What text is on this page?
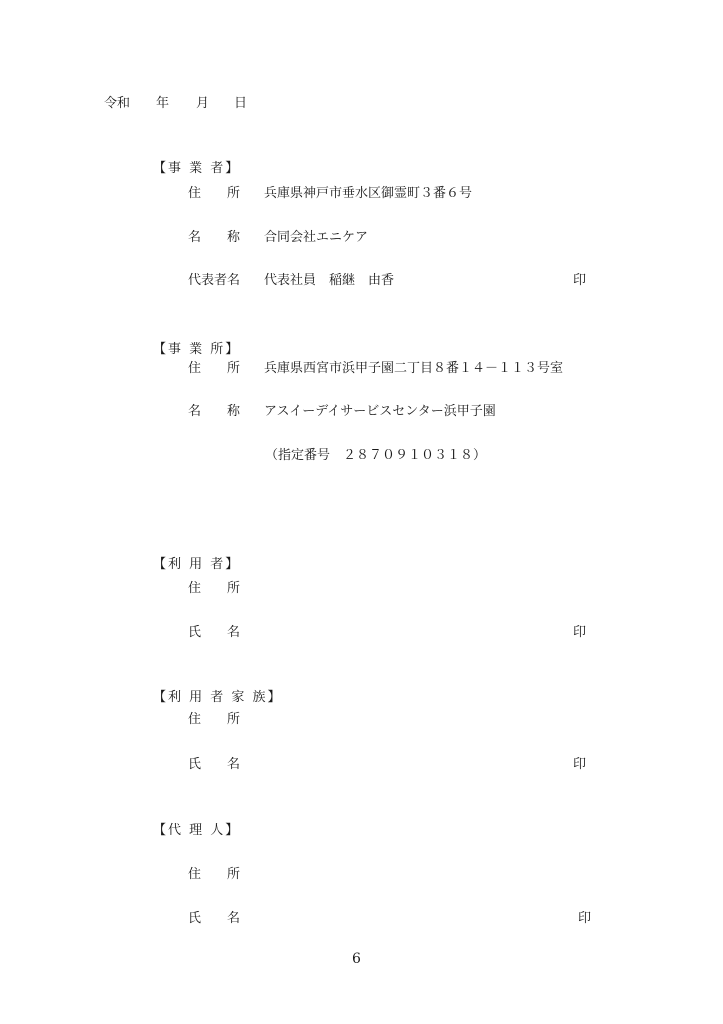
令和

年

月

日

【事 業 者】
住　　所 兵庫県神戸市垂水区御霊町３番６号
名　　称 合同会社エニケア
代表者名 代表社員　稲継　由香	印
【事 業 所】
住　　所 兵庫県西宮市浜甲子園二丁目８番１４－１１３号室
名　　称 アスイーデイサービスセンター浜甲子園
（指定番号　２８７０９１０３１８）
【利 用 者】
住　　所
氏　　名	印
【利 用 者 家 族】
住　　所
氏　　名	印
【代 理 人】
住　　所
氏　　名	印
6
